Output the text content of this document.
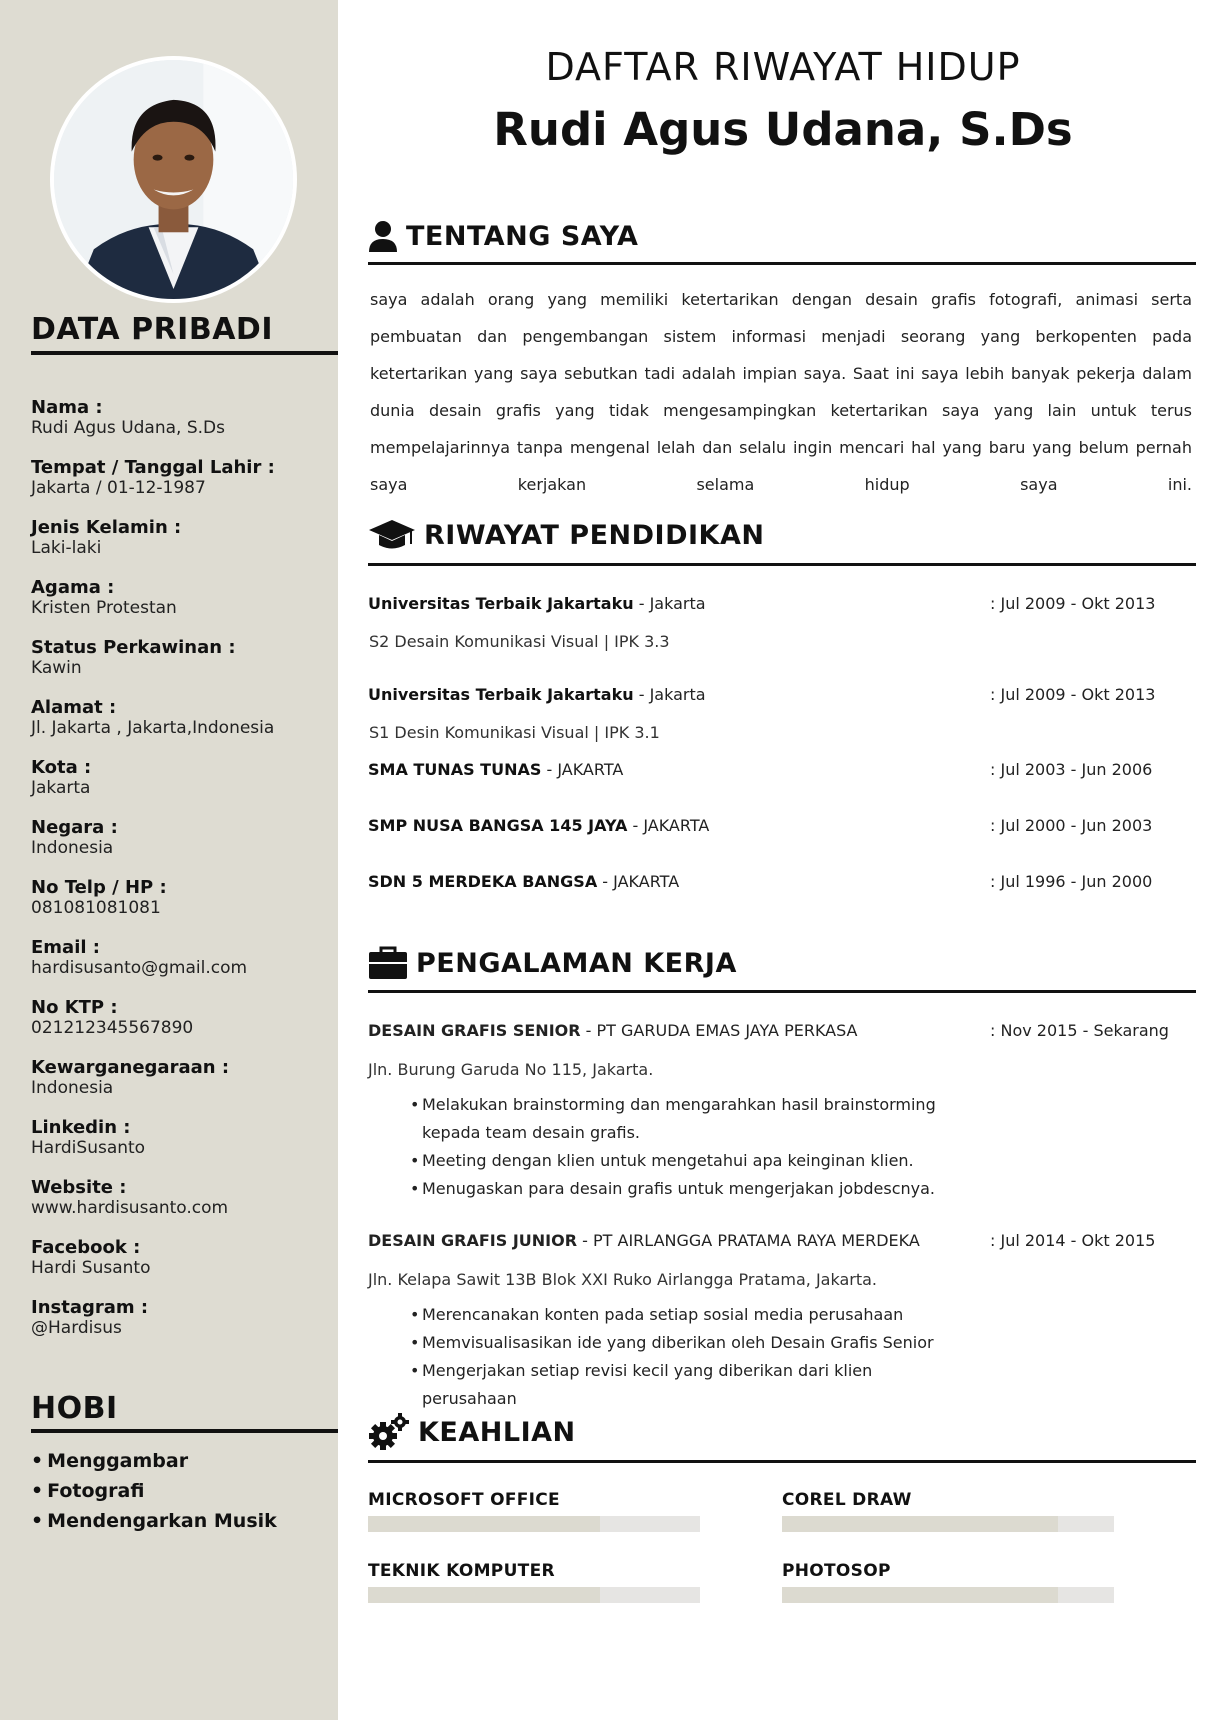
DATA PRIBADI
Nama :
Rudi Agus Udana, S.Ds
Tempat / Tanggal Lahir :
Jakarta / 01-12-1987
Jenis Kelamin :
Laki-laki
Agama :
Kristen Protestan
Status Perkawinan :
Kawin
Alamat :
Jl. Jakarta , Jakarta,Indonesia
Kota :
Jakarta
Negara :
Indonesia
No Telp / HP :
081081081081
Email :
hardisusanto@gmail.com
No KTP :
021212345567890
Kewarganegaraan :
Indonesia
Linkedin :
HardiSusanto
Website :
www.hardisusanto.com
Facebook :
Hardi Susanto
Instagram :
@Hardisus
HOBI
• Menggambar
• Fotografi
• Mendengarkan Musik
DAFTAR RIWAYAT HIDUP
Rudi Agus Udana, S.Ds
TENTANG SAYA
saya adalah orang yang memiliki ketertarikan dengan desain grafis fotografi, animasi serta pembuatan dan pengembangan sistem informasi menjadi seorang yang berkopenten pada ketertarikan yang saya sebutkan tadi adalah impian saya. Saat ini saya lebih banyak pekerja dalam dunia desain grafis yang tidak mengesampingkan ketertarikan saya yang lain untuk terus mempelajarinnya tanpa mengenal lelah dan selalu ingin mencari hal yang baru yang belum pernah saya kerjakan selama hidup saya ini.
RIWAYAT PENDIDIKAN
Universitas Terbaik Jakartaku - Jakarta	: Jul 2009 - Okt 2013
S2 Desain Komunikasi Visual | IPK 3.3
Universitas Terbaik Jakartaku - Jakarta	: Jul 2009 - Okt 2013
S1 Desin Komunikasi Visual | IPK 3.1
SMA TUNAS TUNAS - JAKARTA	: Jul 2003 - Jun 2006
SMP NUSA BANGSA 145 JAYA - JAKARTA	: Jul 2000 - Jun 2003
SDN 5 MERDEKA BANGSA - JAKARTA	: Jul 1996 - Jun 2000
PENGALAMAN KERJA
DESAIN GRAFIS SENIOR - PT GARUDA EMAS JAYA PERKASA	: Nov 2015 - Sekarang
Jln. Burung Garuda No 115, Jakarta.
• Melakukan brainstorming dan mengarahkan hasil brainstorming kepada team desain grafis.
• Meeting dengan klien untuk mengetahui apa keinginan klien.
• Menugaskan para desain grafis untuk mengerjakan jobdescnya.
DESAIN GRAFIS JUNIOR - PT AIRLANGGA PRATAMA RAYA MERDEKA	: Jul 2014 - Okt 2015
Jln. Kelapa Sawit 13B Blok XXI Ruko Airlangga Pratama, Jakarta.
• Merencanakan konten pada setiap sosial media perusahaan
• Memvisualisasikan ide yang diberikan oleh Desain Grafis Senior
• Mengerjakan setiap revisi kecil yang diberikan dari klien perusahaan
KEAHLIAN
MICROSOFT OFFICE	COREL DRAW
TEKNIK KOMPUTER	PHOTOSOP
